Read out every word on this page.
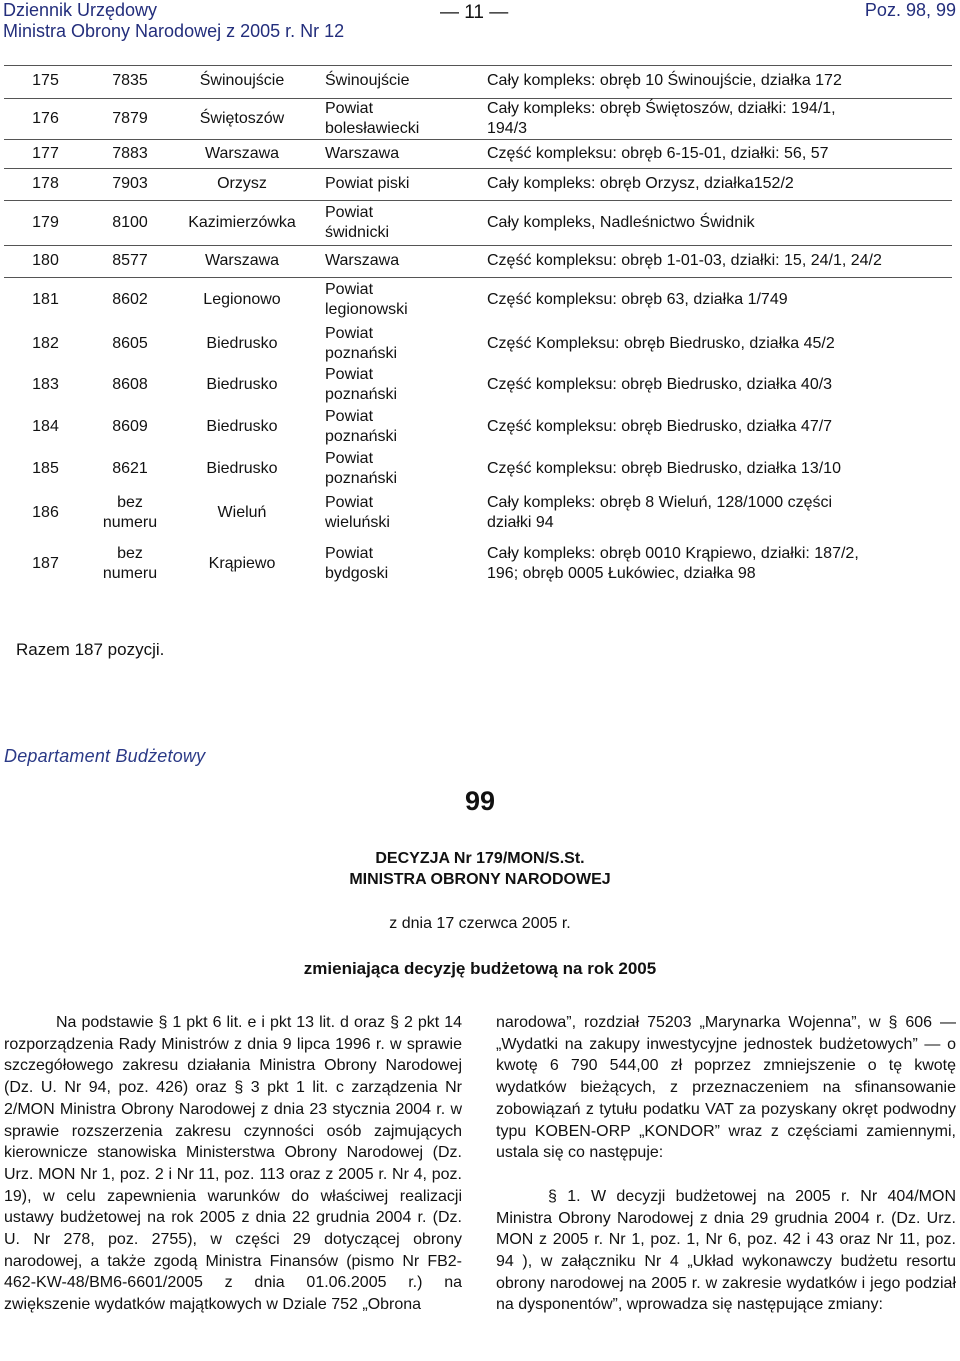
Dziennik Urzędowy
Ministra Obrony Narodowej z 2005 r. Nr 12
— 11 —	Poz. 98, 99
175	7835	Świnoujście	Świnoujście	Cały kompleks: obręb 10 Świnoujście, działka 172
176	7879	Świętoszów	Powiat
bolesławiecki	Cały kompleks: obręb Świętoszów, działki: 194/1,
194/3
177	7883	Warszawa	Warszawa	Część kompleksu: obręb 6-15-01, działki: 56, 57
178	7903	Orzysz	Powiat piski	Cały kompleks: obręb Orzysz, działka152/2
179	8100	Kazimierzówka	Powiat
świdnicki	Cały kompleks, Nadleśnictwo Świdnik
180	8577	Warszawa	Warszawa	Część kompleksu: obręb 1-01-03, działki: 15, 24/1, 24/2
181	8602	Legionowo	Powiat
legionowski	Część kompleksu: obręb 63, działka 1/749
182	8605	Biedrusko	Powiat
poznański	Część Kompleksu: obręb Biedrusko, działka 45/2
183	8608	Biedrusko	Powiat
poznański	Część kompleksu: obręb Biedrusko, działka 40/3
184	8609	Biedrusko	Powiat
poznański	Część kompleksu: obręb Biedrusko, działka 47/7
185	8621	Biedrusko	Powiat
poznański	Część kompleksu: obręb Biedrusko, działka 13/10
186	bez
numeru	Wieluń	Powiat
wieluński	Cały kompleks: obręb 8 Wieluń, 128/1000 części
działki 94
187	bez
numeru	Krąpiewo	Powiat
bydgoski	Cały kompleks: obręb 0010 Krąpiewo, działki: 187/2,
196; obręb 0005 Łukówiec, działka 98
Razem 187 pozycji.
Departament Budżetowy
99
DECYZJA Nr 179/MON/S.St.
MINISTRA OBRONY NARODOWEJ
z dnia 17 czerwca 2005 r.
zmieniająca decyzję budżetową na rok 2005

Na podstawie § 1 pkt 6 lit. e i pkt 13 lit. d oraz § 2 pkt 14 rozporządzenia Rady Ministrów z dnia 9 lipca 1996 r. w sprawie szczegółowego zakresu działania Ministra Obrony Narodowej (Dz. U. Nr 94, poz. 426) oraz § 3 pkt 1 lit. c zarządzenia Nr 2/MON Ministra Obrony Narodowej z dnia 23 stycznia 2004 r. w sprawie rozszerzenia zakresu czynności osób zajmujących kierownicze stanowiska Ministerstwa Obrony Narodowej (Dz. Urz. MON Nr 1, poz. 2 i Nr 11, poz. 113 oraz z 2005 r. Nr 4, poz. 19), w celu zapewnienia warunków do właściwej realizacji ustawy budżetowej na rok 2005 z dnia 22 grudnia 2004 r. (Dz. U. Nr 278, poz. 2755), w części 29 dotyczącej obrony narodowej, a także zgodą Ministra Finansów (pismo Nr FB2-462-KW-48/BM6-6601/2005 z dnia 01.06.2005 r.) na zwiększenie wydatków majątkowych w Dziale 752 „Obrona

narodowa”, rozdział 75203 „Marynarka Wojenna”, w § 606 — „Wydatki na zakupy inwestycyjne jednostek budżetowych” — o kwotę 6 790 544,00 zł poprzez zmniejszenie o tę kwotę wydatków bieżących, z przeznaczeniem na sfinansowanie zobowiązań z tytułu podatku VAT za pozyskany okręt podwodny typu KOBEN-ORP „KONDOR” wraz z częściami zamiennymi, ustala się co następuje:

§ 1. W decyzji budżetowej na 2005 r. Nr 404/MON Ministra Obrony Narodowej z dnia 29 grudnia 2004 r. (Dz. Urz. MON z 2005 r. Nr 1, poz. 1, Nr 6, poz. 42 i 43 oraz Nr 11, poz. 94 ), w załączniku Nr 4 „Układ wykonawczy budżetu resortu obrony narodowej na 2005 r. w zakresie wydatków i jego podział na dysponentów”, wprowadza się następujące zmiany:
